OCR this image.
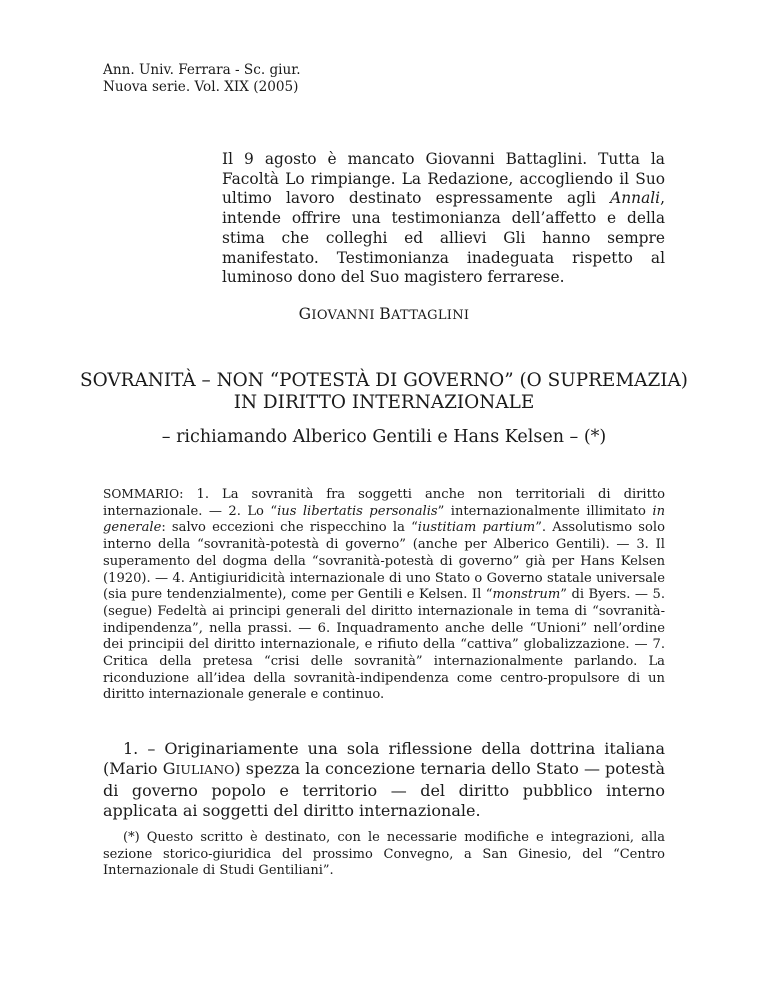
Ann. Univ. Ferrara - Sc. giur.
Nuova serie. Vol. XIX (2005)
Il 9 agosto è mancato Giovanni Battaglini. Tutta la Facoltà Lo rimpiange. La Redazione, accogliendo il Suo ultimo lavoro destinato espressamente agli Annali, intende offrire una testimonianza dell’affetto e della stima che colleghi ed allievi Gli hanno sempre manifestato. Testimonianza inadeguata rispetto al luminoso dono del Suo magistero ferrarese.
GIOVANNI BATTAGLINI
SOVRANITÀ – NON “POTESTÀ DI GOVERNO” (O SUPREMAZIA)
IN DIRITTO INTERNAZIONALE
– richiamando Alberico Gentili e Hans Kelsen – (*)
SOMMARIO: 1. La sovranità fra soggetti anche non territoriali di diritto internazionale. — 2. Lo “ius libertatis personalis” internazionalmente illimitato in generale: salvo eccezioni che rispecchino la “iustitiam partium”. Assolutismo solo interno della “sovranità-potestà di governo” (anche per Alberico Gentili). — 3. Il superamento del dogma della “sovranità-potestà di governo” già per Hans Kelsen (1920). — 4. Antigiuridicità internazionale di uno Stato o Governo statale universale (sia pure tendenzialmente), come per Gentili e Kelsen. Il “monstrum” di Byers. — 5. (segue) Fedeltà ai principi generali del diritto internazionale in tema di “sovranità-indipendenza”, nella prassi. — 6. Inquadramento anche delle “Unioni” nell’ordine dei principii del diritto internazionale, e rifiuto della “cattiva” globalizzazione. — 7. Critica della pretesa “crisi delle sovranità” internazionalmente parlando. La riconduzione all’idea della sovranità-indipendenza come centro-propulsore di un diritto internazionale generale e continuo.
1. – Originariamente una sola riflessione della dottrina italiana (Mario GIULIANO) spezza la concezione ternaria dello Stato — potestà di governo popolo e territorio — del diritto pubblico interno applicata ai soggetti del diritto internazionale.
(*) Questo scritto è destinato, con le necessarie modifiche e integrazioni, alla sezione storico-giuridica del prossimo Convegno, a San Ginesio, del “Centro Internazionale di Studi Gentiliani”.
